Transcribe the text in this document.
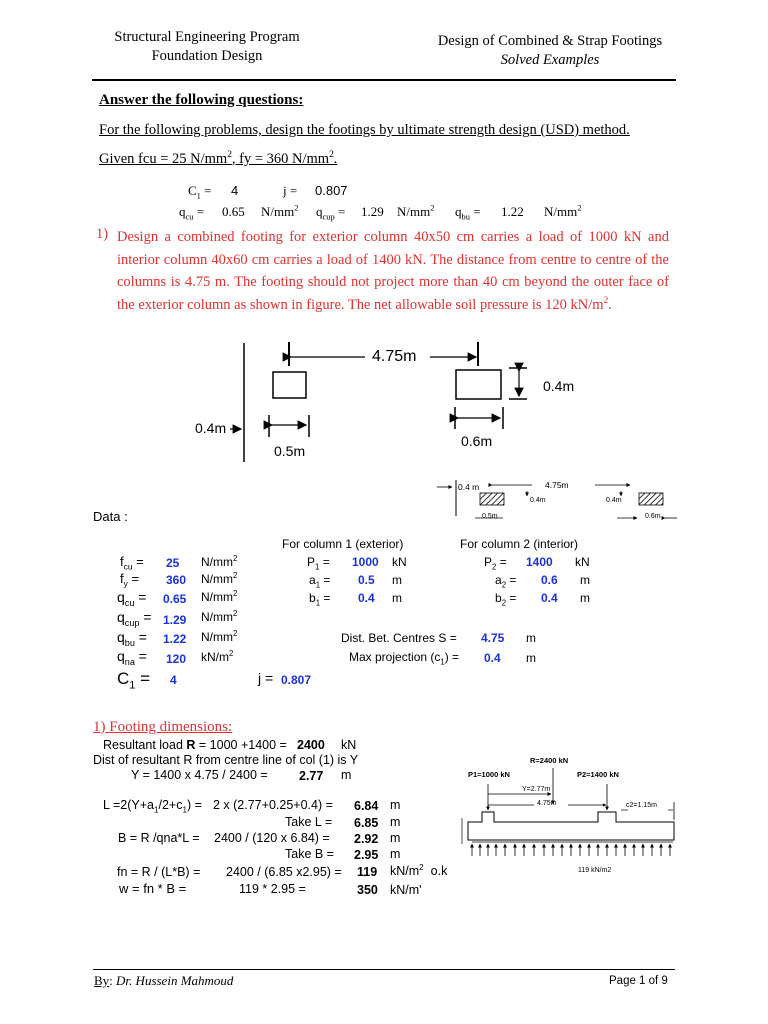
Structural Engineering Program
Foundation Design
Design of Combined & Strap Footings
Solved Examples
Answer the following questions:
For the following problems, design the footings by ultimate strength design (USD) method.
Given fcu = 25 $N/mm^2$, fy = 360 $N/mm^2$.
$C_1 = 4$	j = 0.807
$q_{cu} = 0.65$ $N/mm^2$ $q_{cup} = 1.29$ $N/mm^2$ $q_{bu} = 1.22$ $N/mm^2$
1) Design a combined footing for exterior column 40x50 cm carries a load of 1000 kN and interior column 40x60 cm carries a load of 1400 kN. The distance from centre to centre of the columns is 4.75 m. The footing should not project more than 40 cm beyond the outer face of the exterior column as shown in figure. The net allowable soil pressure is 120 $kN/m^2$.
4.75m
0.4m
0.4m
0.5m
0.6m
0.4 m	4.75m
0.4m	0.4m
0.5m	0.6m
Data :
For column 1 (exterior)	For column 2 (interior)
$f_{cu} = 25$ $N/mm^2$
$f_y = 360$ $N/mm^2$
$q_{cu} = 0.65$ $N/mm^2$
$q_{cup} = 1.29$ $N/mm^2$
$q_{bu} = 1.22$ $N/mm^2$
$q_{na} = 120$ $kN/m^2$
$C_1 = 4$	j = 0.807
$P_1 = 1000$ kN
$a_1 = 0.5$ m
$b_1 = 0.4$ m
$P_2 = 1400$ kN
$a_2 = 0.6$ m
$b_2 = 0.4$ m
Dist. Bet. Centres S = 4.75 m
Max projection $(c_1) = 0.4$ m
1) Footing dimensions:
Resultant load R = 1000 +1400 = 2400 kN
Dist of resultant R from centre line of col (1) is Y
Y = 1400 x 4.75 / 2400 =	2.77 m
$L =2(Y+a_1/2+c_1) = 2$ x (2.77+0.25+0.4) = 6.84 m
Take L = 6.85 m
B = R /qna*L = 2400 / (120 x 6.84) = 2.92 m
Take B = 2.95 m
fn = R / (L*B) = 2400 / (6.85 x2.95) = 119 $kN/m^2$ o.k
w = fn * B =	119 * 2.95 =	350 kN/m'
R=2400 kN
P1=1000 kN	P2=1400 kN
Y=2.77m
4.75m	c2=1.15m
119 kN/m2
By: Dr. Hussein Mahmoud	Page 1 of 9
